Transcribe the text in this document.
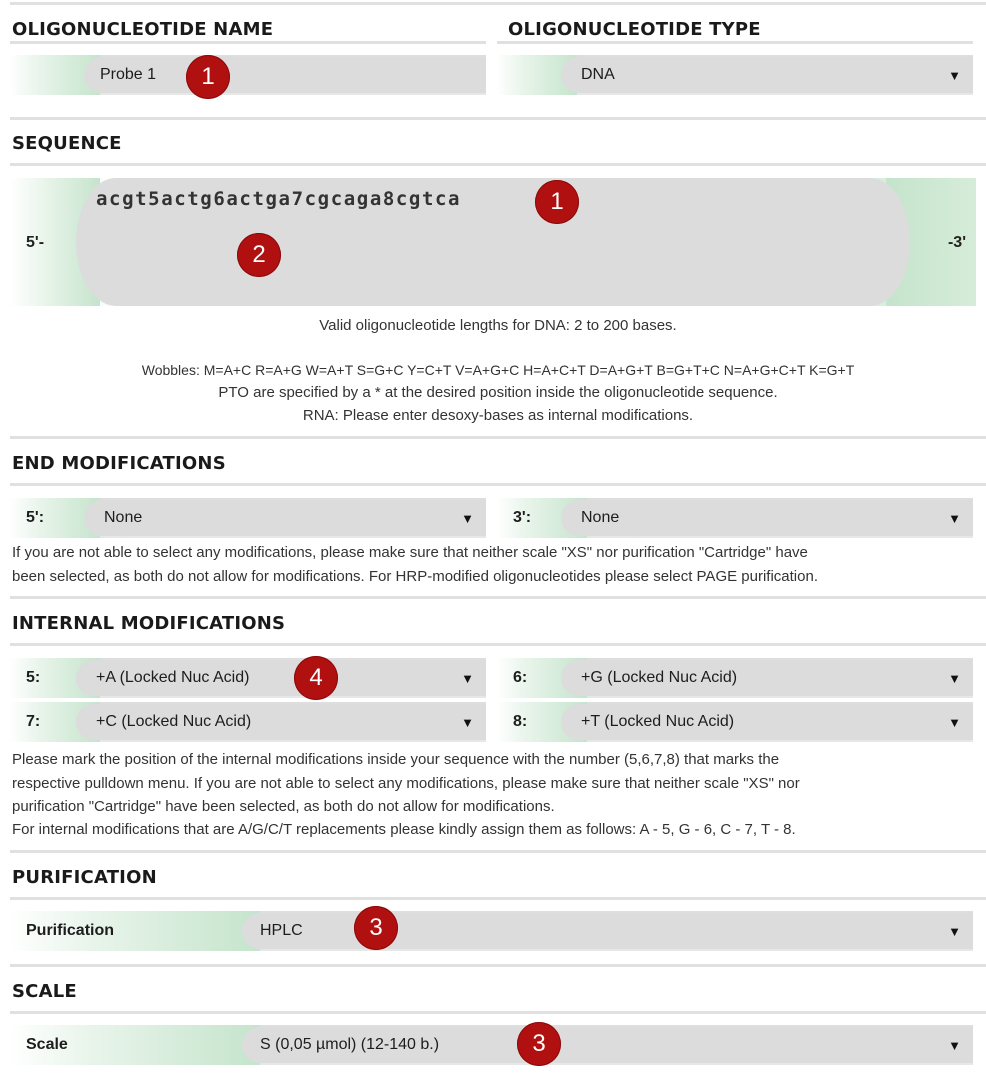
OLIGONUCLEOTIDE NAME	OLIGONUCLEOTIDE TYPE
Probe 1	DNA	▼
SEQUENCE
5'-	-3'
acgt5actg6actga7cgcaga8cgtca
Valid oligonucleotide lengths for DNA: 2 to 200 bases.
Wobbles: M=A+C R=A+G W=A+T S=G+C Y=C+T V=A+G+C H=A+C+T D=A+G+T B=G+T+C N=A+G+C+T K=G+T
PTO are specified by a * at the desired position inside the oligonucleotide sequence.
RNA: Please enter desoxy-bases as internal modifications.
END MODIFICATIONS
5':	None	▼	3':	None	▼
If you are not able to select any modifications, please make sure that neither scale "XS" nor purification "Cartridge" have
been selected, as both do not allow for modifications. For HRP-modified oligonucleotides please select PAGE purification.
INTERNAL MODIFICATIONS
5:	+A (Locked Nuc Acid)	▼	6:	+G (Locked Nuc Acid)	▼
7:	+C (Locked Nuc Acid)	▼	8:	+T (Locked Nuc Acid)	▼
Please mark the position of the internal modifications inside your sequence with the number (5,6,7,8) that marks the
respective pulldown menu. If you are not able to select any modifications, please make sure that neither scale "XS" nor
purification "Cartridge" have been selected, as both do not allow for modifications.
For internal modifications that are A/G/C/T replacements please kindly assign them as follows: A - 5, G - 6, C - 7, T - 8.
PURIFICATION
Purification	HPLC	▼
SCALE
Scale	S (0,05 µmol) (12-140 b.)	▼
1
1
2
4
3
3
